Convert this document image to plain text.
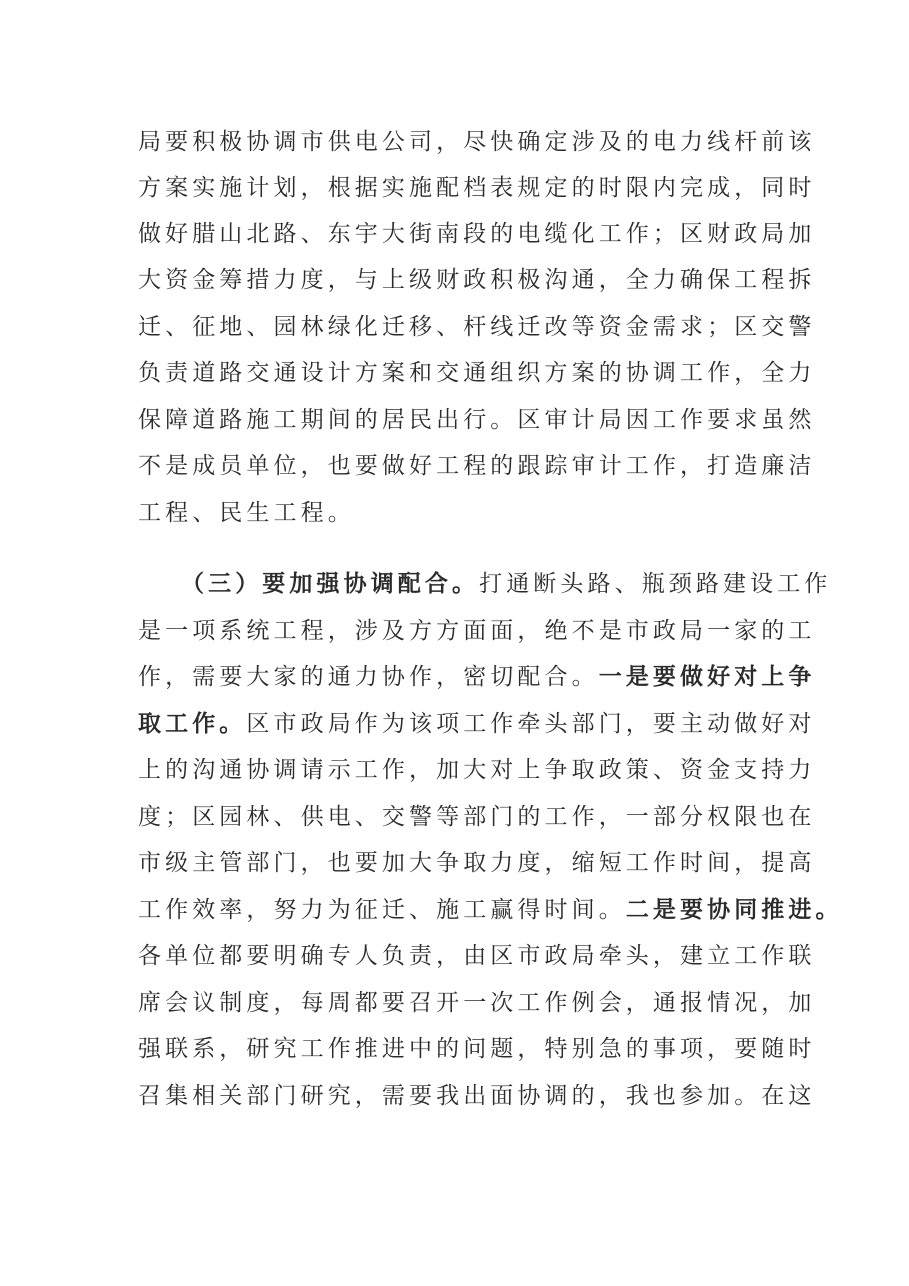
局要积极协调市供电公司，尽快确定涉及的电力线杆前该
方案实施计划，根据实施配档表规定的时限内完成，同时
做好腊山北路、东宇大街南段的电缆化工作；区财政局加
大资金筹措力度，与上级财政积极沟通，全力确保工程拆
迁、征地、园林绿化迁移、杆线迁改等资金需求；区交警
负责道路交通设计方案和交通组织方案的协调工作，全力
保障道路施工期间的居民出行。区审计局因工作要求虽然
不是成员单位，也要做好工程的跟踪审计工作，打造廉洁
工程、民生工程。
（三）要加强协调配合。打通断头路、瓶颈路建设工作
是一项系统工程，涉及方方面面，绝不是市政局一家的工
作，需要大家的通力协作，密切配合。一是要做好对上争
取工作。区市政局作为该项工作牵头部门，要主动做好对
上的沟通协调请示工作，加大对上争取政策、资金支持力
度；区园林、供电、交警等部门的工作，一部分权限也在
市级主管部门，也要加大争取力度，缩短工作时间，提高
工作效率，努力为征迁、施工赢得时间。二是要协同推进。
各单位都要明确专人负责，由区市政局牵头，建立工作联
席会议制度，每周都要召开一次工作例会，通报情况，加
强联系，研究工作推进中的问题，特别急的事项，要随时
召集相关部门研究，需要我出面协调的，我也参加。在这
